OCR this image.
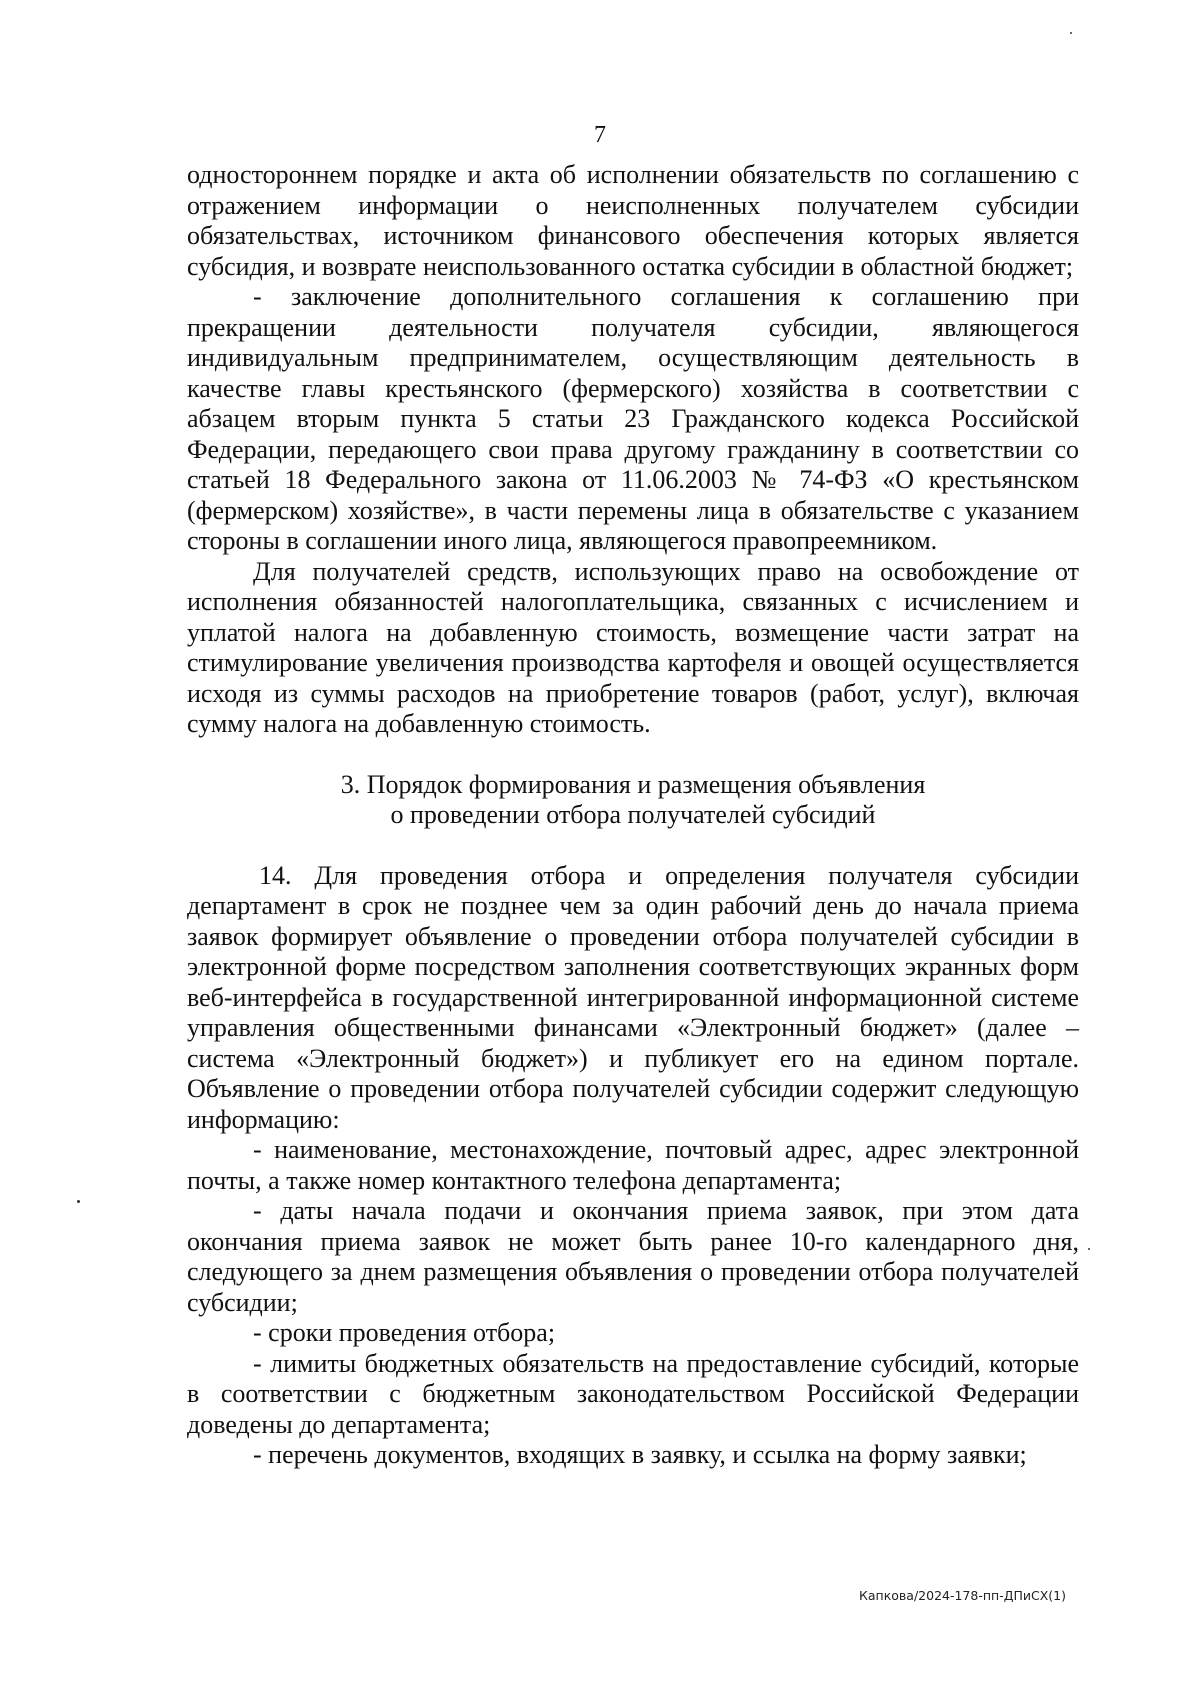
7

одностороннем порядке и акта об исполнении обязательств по соглашению с отражением информации о неисполненных получателем субсидии обязательствах, источником финансового обеспечения которых является субсидия, и возврате неиспользованного остатка субсидии в областной бюджет;

- заключение дополнительного соглашения к соглашению при прекращении деятельности получателя субсидии, являющегося индивидуальным предпринимателем, осуществляющим деятельность в качестве главы крестьянского (фермерского) хозяйства в соответствии с абзацем вторым пункта 5 статьи 23 Гражданского кодекса Российской Федерации, передающего свои права другому гражданину в соответствии со статьей 18 Федерального закона от 11.06.2003 № 74-ФЗ «О крестьянском (фермерском) хозяйстве», в части перемены лица в обязательстве с указанием стороны в соглашении иного лица, являющегося правопреемником.

Для получателей средств, использующих право на освобождение от исполнения обязанностей налогоплательщика, связанных с исчислением и уплатой налога на добавленную стоимость, возмещение части затрат на стимулирование увеличения производства картофеля и овощей осуществляется исходя из суммы расходов на приобретение товаров (работ, услуг), включая сумму налога на добавленную стоимость.

3. Порядок формирования и размещения объявления
о проведении отбора получателей субсидий

14. Для проведения отбора и определения получателя субсидии департамент в срок не позднее чем за один рабочий день до начала приема заявок формирует объявление о проведении отбора получателей субсидии в электронной форме посредством заполнения соответствующих экранных форм веб-интерфейса в государственной интегрированной информационной системе управления общественными финансами «Электронный бюджет» (далее – система «Электронный бюджет») и публикует его на едином портале. Объявление о проведении отбора получателей субсидии содержит следующую информацию:

- наименование, местонахождение, почтовый адрес, адрес электронной почты, а также номер контактного телефона департамента;

- даты начала подачи и окончания приема заявок, при этом дата окончания приема заявок не может быть ранее 10-го календарного дня, следующего за днем размещения объявления о проведении отбора получателей субсидии;

- сроки проведения отбора;

- лимиты бюджетных обязательств на предоставление субсидий, которые в соответствии с бюджетным законодательством Российской Федерации доведены до департамента;

- перечень документов, входящих в заявку, и ссылка на форму заявки;

Капкова/2024-178-пп-ДПиСХ(1)
